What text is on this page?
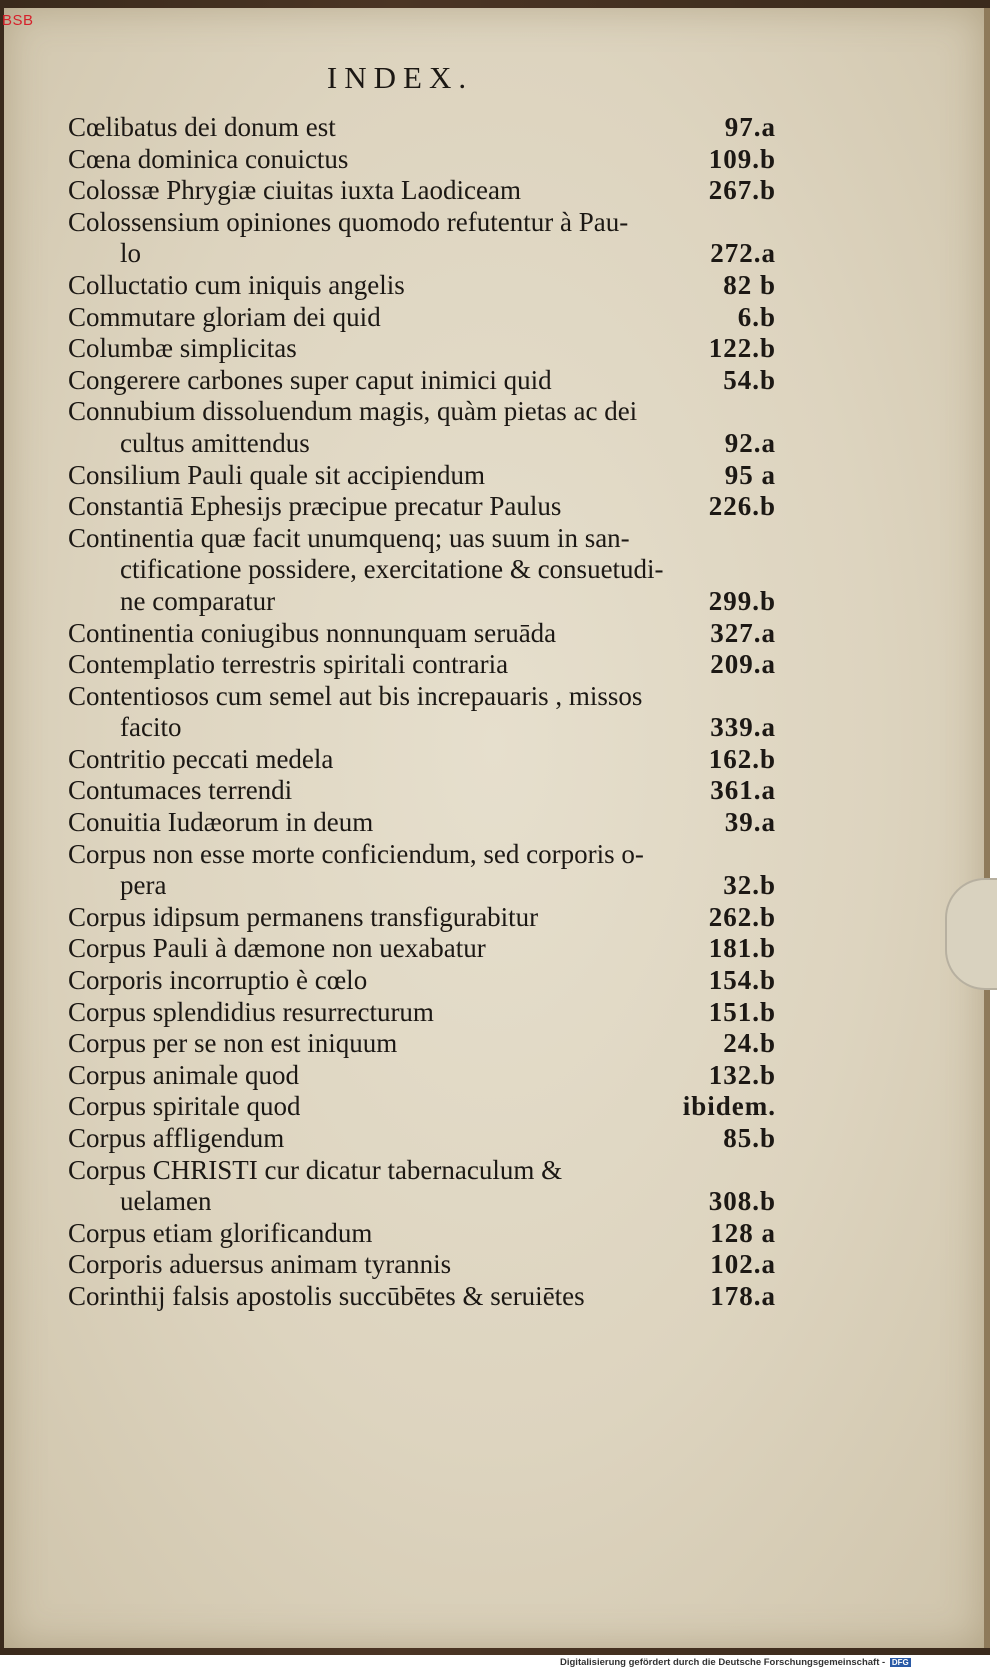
BSB
INDEX.
Cœlibatus dei donum est	97.a
Cœna dominica conuictus	109.b
Colossæ Phrygiæ ciuitas iuxta Laodiceam	267.b
Colossensium opiniones quomodo refutentur à Pau-
lo	272.a
Colluctatio cum iniquis angelis	82 b
Commutare gloriam dei quid	6.b
Columbæ simplicitas	122.b
Congerere carbones super caput inimici quid	54.b
Connubium dissoluendum magis, quàm pietas ac dei
cultus amittendus	92.a
Consilium Pauli quale sit accipiendum	95 a
Constantiā Ephesijs præcipue precatur Paulus	226.b
Continentia quæ facit unumquenq; uas suum in san-
ctificatione possidere, exercitatione & consuetudi-
ne comparatur	299.b
Continentia coniugibus nonnunquam seruāda	327.a
Contemplatio terrestris spiritali contraria	209.a
Contentiosos cum semel aut bis increpauaris , missos
facito	339.a
Contritio peccati medela	162.b
Contumaces terrendi	361.a
Conuitia Iudæorum in deum	39.a
Corpus non esse morte conficiendum, sed corporis o-
pera	32.b
Corpus idipsum permanens transfigurabitur	262.b
Corpus Pauli à dæmone non uexabatur	181.b
Corporis incorruptio è cœlo	154.b
Corpus splendidius resurrecturum	151.b
Corpus per se non est iniquum	24.b
Corpus animale quod	132.b
Corpus spiritale quod	ibidem.
Corpus affligendum	85.b
Corpus CHRISTI cur dicatur tabernaculum &
uelamen	308.b
Corpus etiam glorificandum	128 a
Corporis aduersus animam tyrannis	102.a
Corinthij falsis apostolis succūbētes & seruiētes	178.a
Digitalisierung gefördert durch die Deutsche Forschungsgemeinschaft - DFG
